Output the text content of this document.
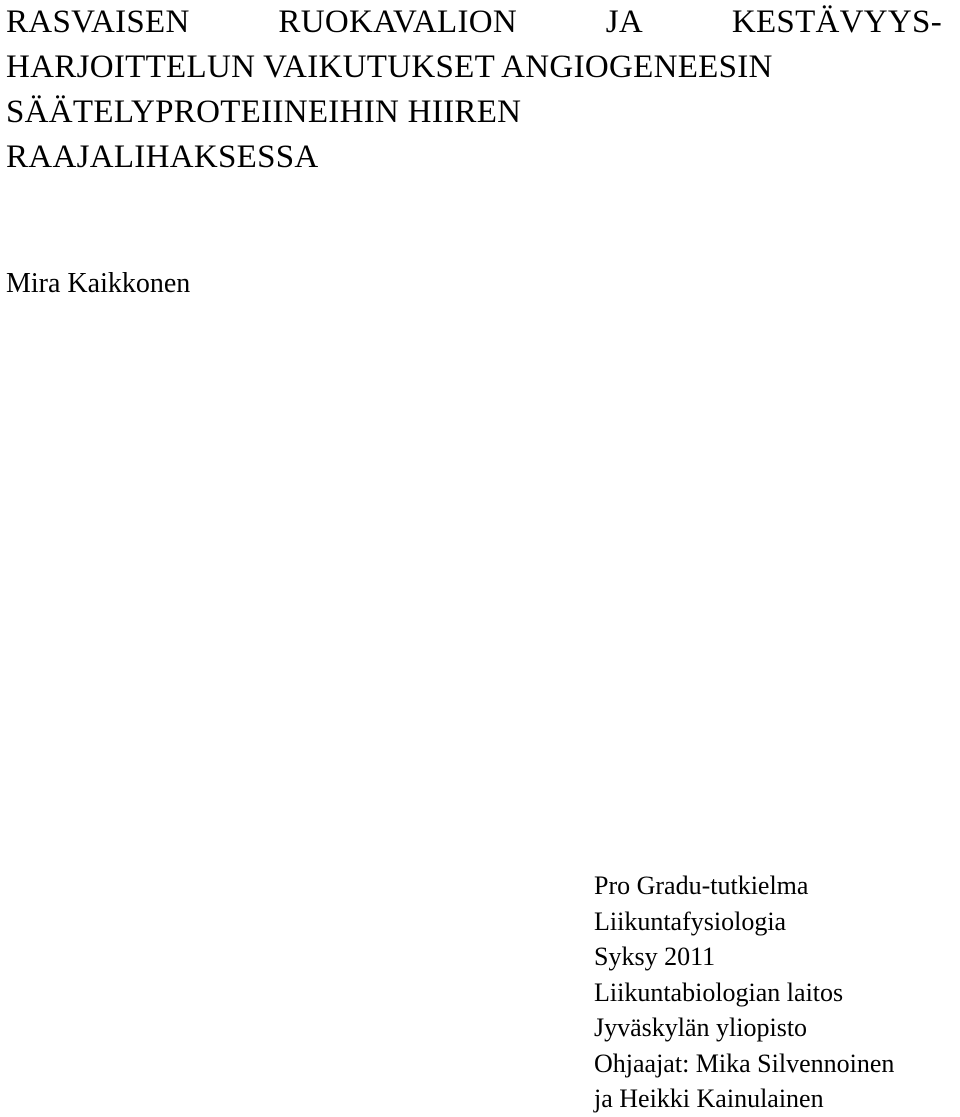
RASVAISEN	RUOKAVALION	JA	KESTÄVYYS-
HARJOITTELUN VAIKUTUKSET ANGIOGENEESIN
SÄÄTELYPROTEIINEIHIN HIIREN
RAAJALIHAKSESSA
Mira Kaikkonen
Pro Gradu-tutkielma
Liikuntafysiologia
Syksy 2011
Liikuntabiologian laitos
Jyväskylän yliopisto
Ohjaajat: Mika Silvennoinen
ja Heikki Kainulainen
